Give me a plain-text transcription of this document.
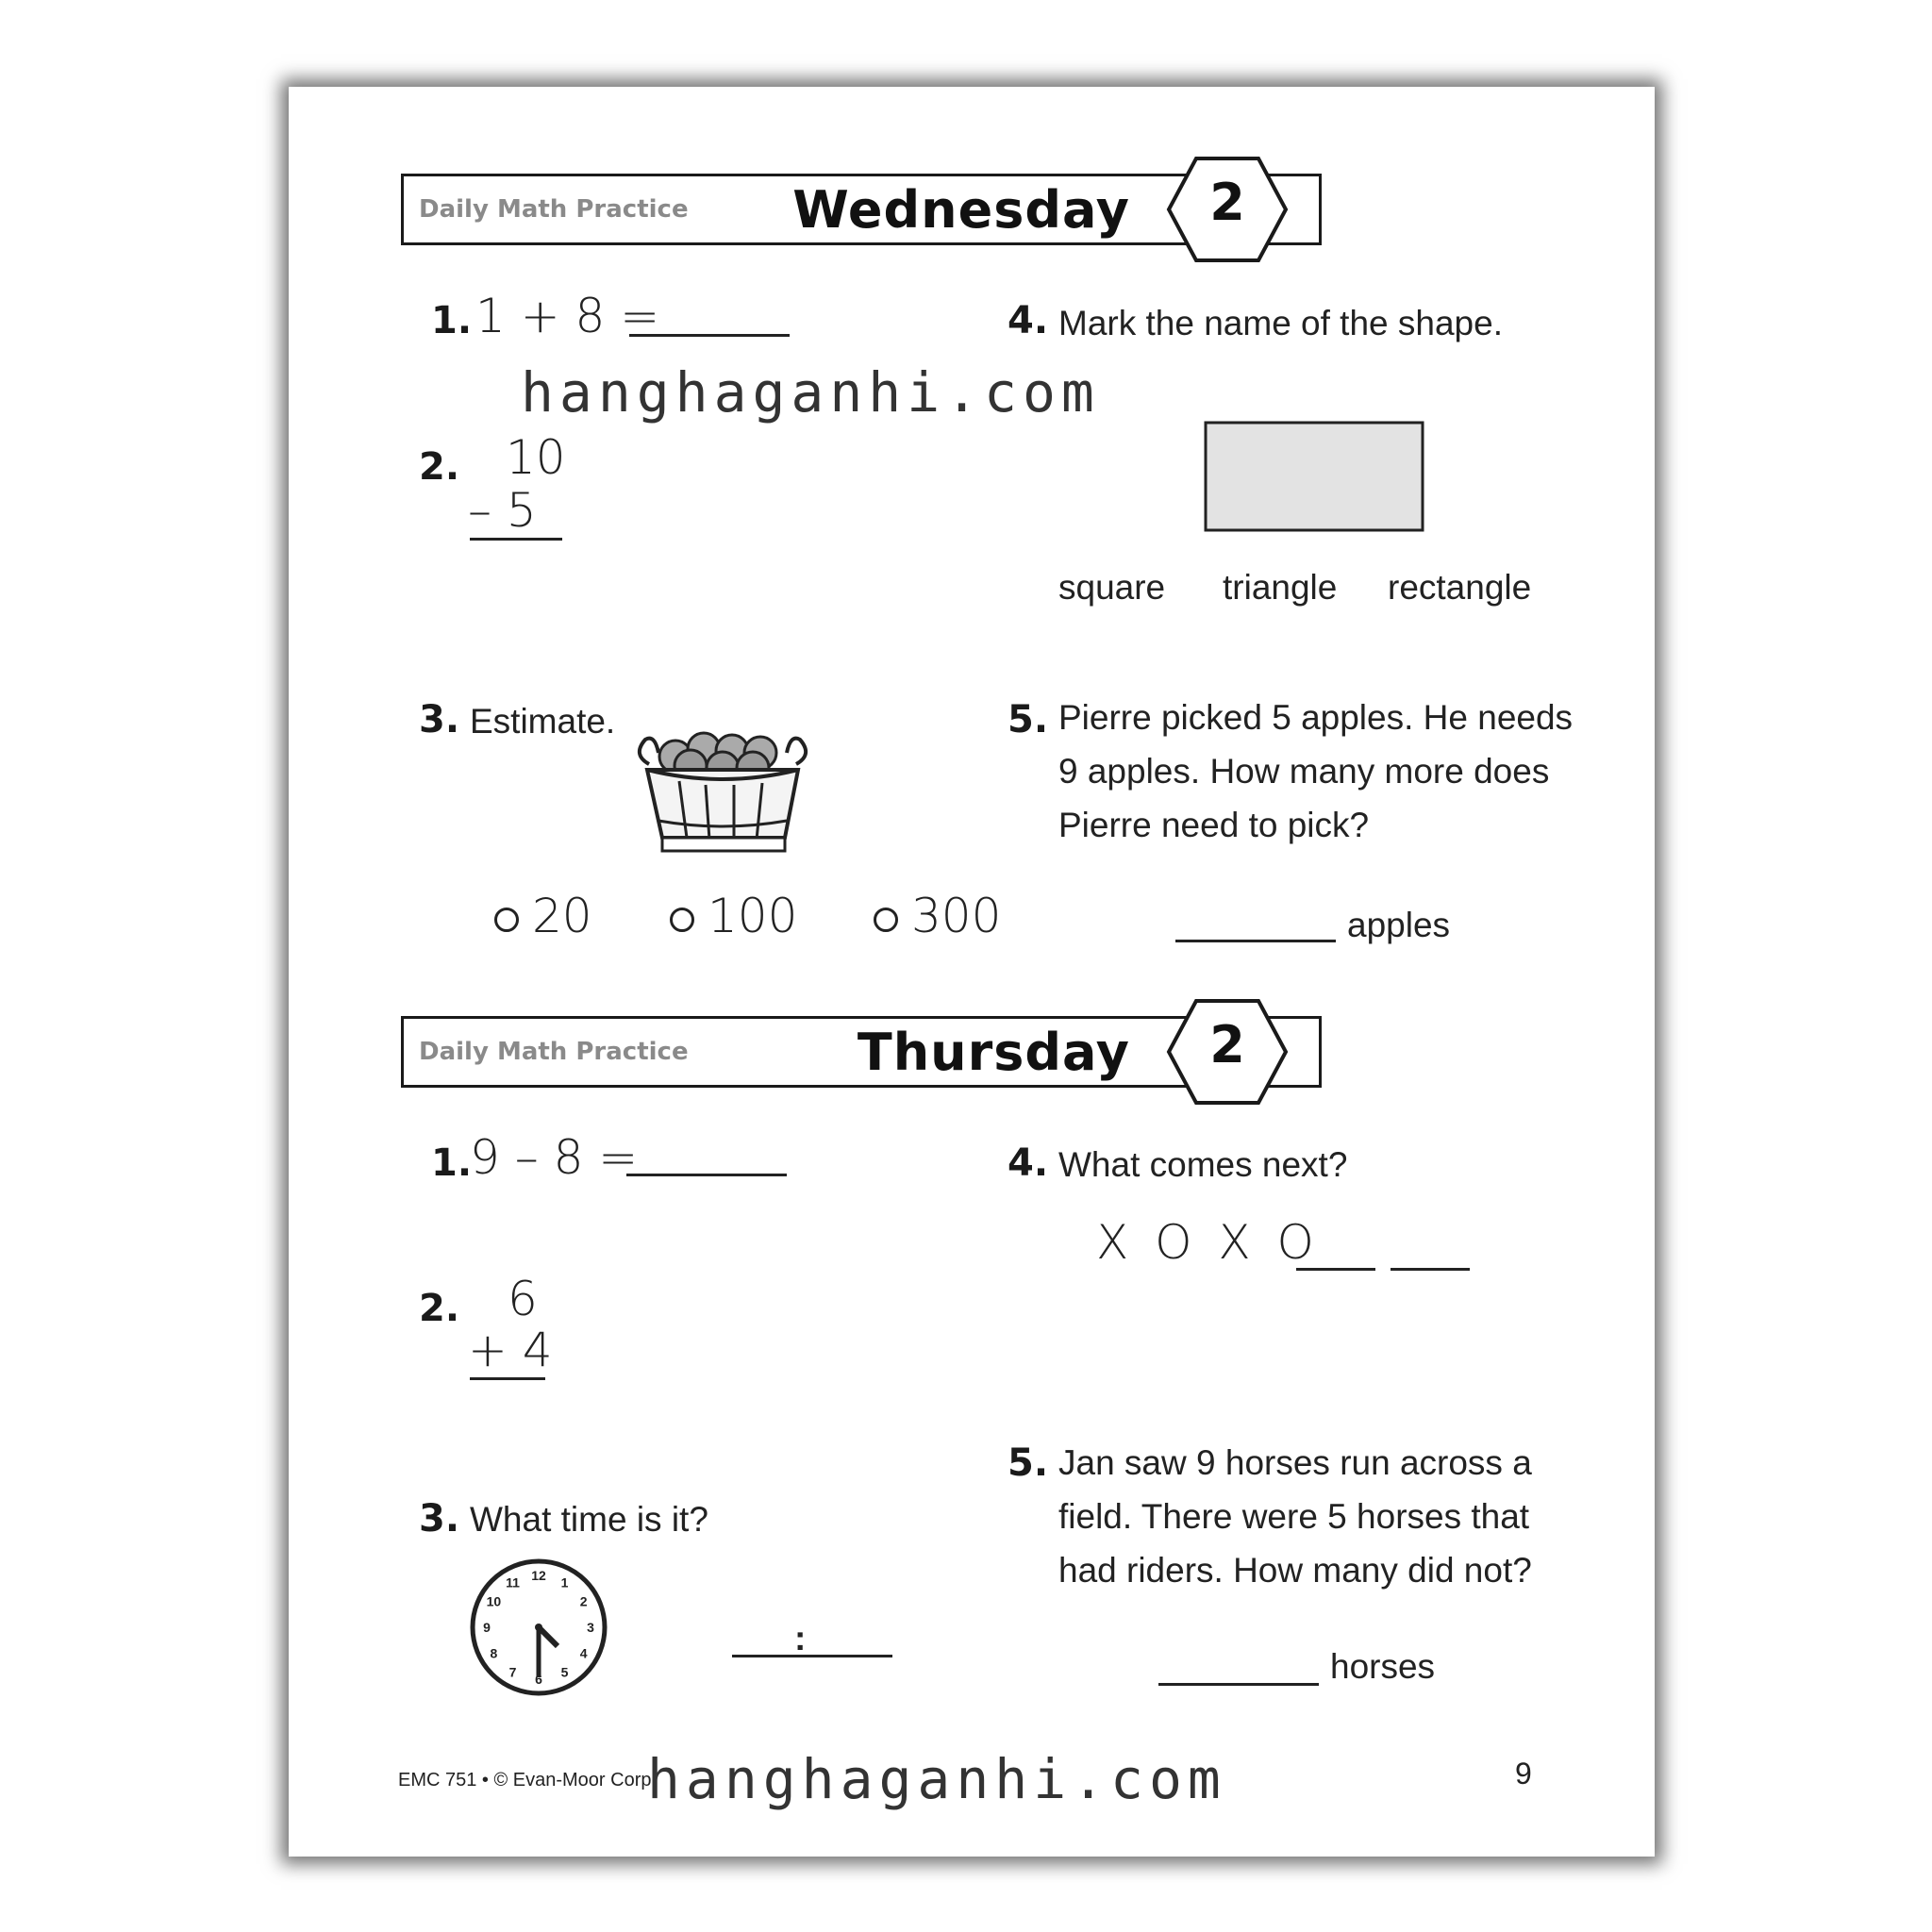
Daily Math Practice Wednesday	2
1. 1 + 8 =
2. 10
– 5
3. Estimate.
20	100	300
4. Mark the name of the shape.
square triangle rectangle
5. Pierre picked 5 apples. He needs
9 apples. How many more does
Pierre need to pick?
apples
Daily Math Practice	Thursday	2
1.
9 – 8 =
2. 6
+ 4
3. What time is it?
12 1
2
3
4
5
6
7
8
9
10
11
:
4. What comes next?
X O X O
5. Jan saw 9 horses run across a
field. There were 5 horses that
had riders. How many did not?
horses
EMC 751 • © Evan-Moor Corp.	9
hanghaganhi.com
hanghaganhi.com
